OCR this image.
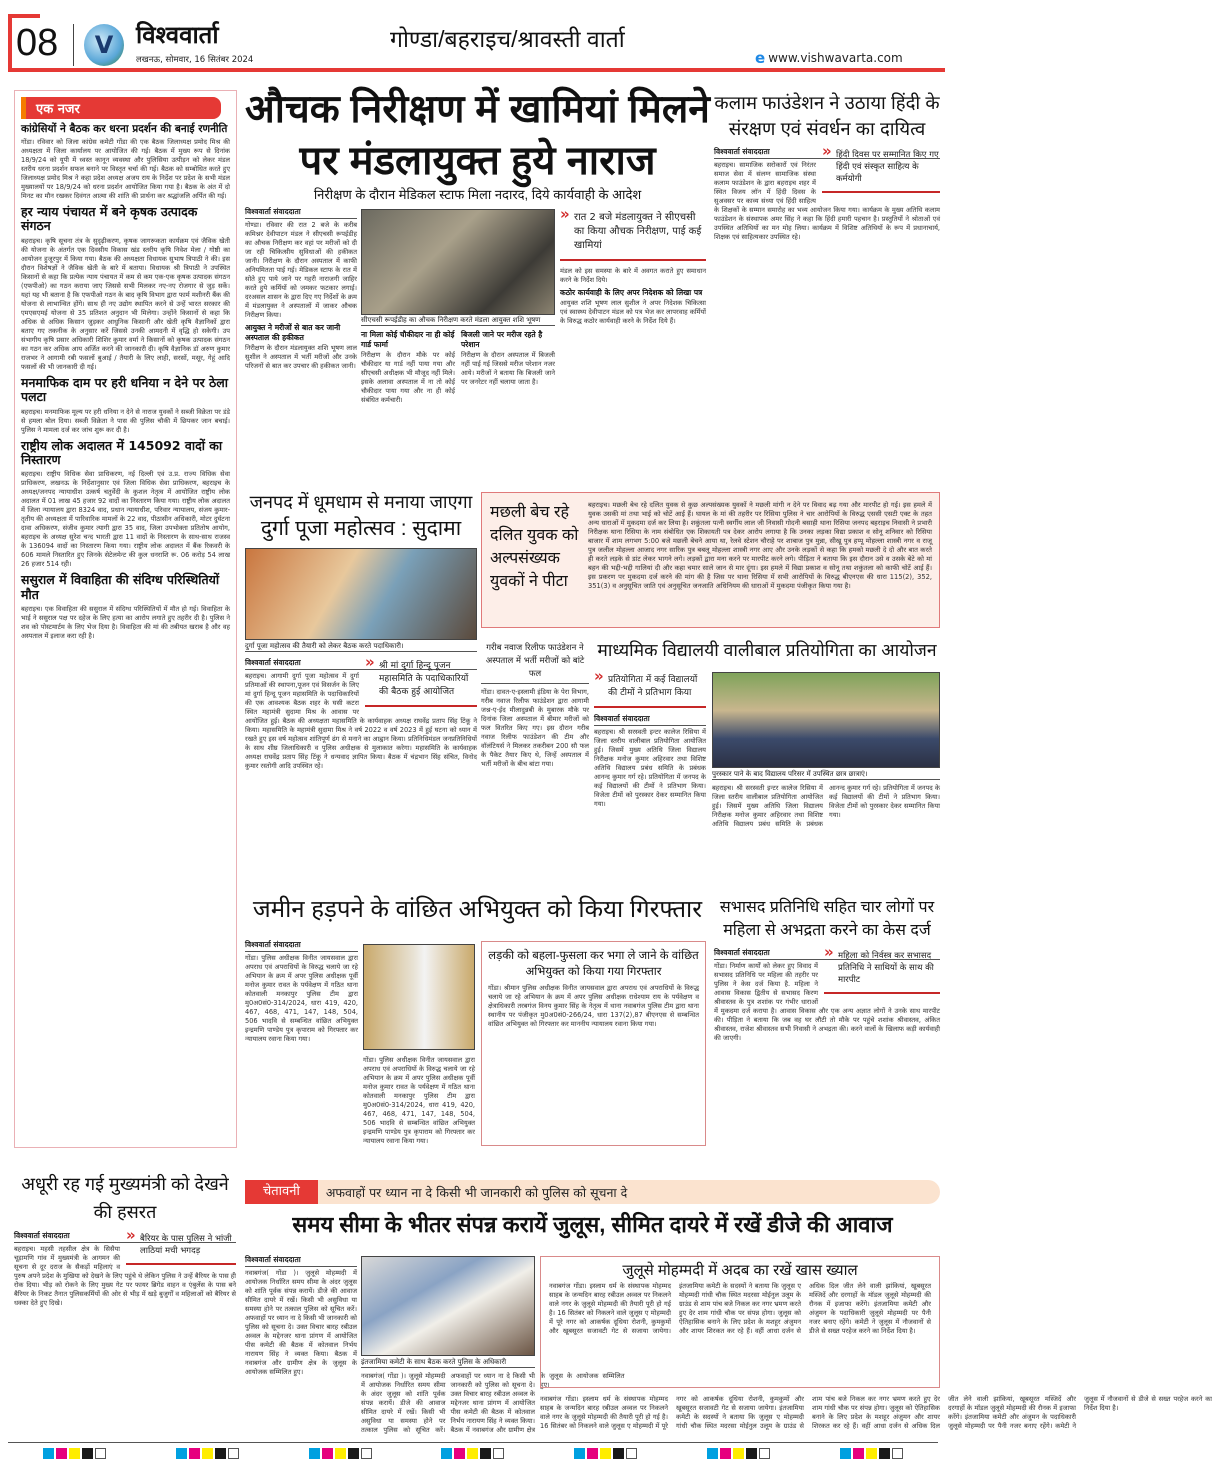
08	V विश्ववार्ता
लखनऊ, सोमवार, 16 सितंबर 2024
गोण्डा/बहराइच/श्रावस्ती वार्ता
e www.vishwavarta.com
एक नजर
कांग्रेसियों ने बैठक कर धरना प्रदर्शन की बनाई रणनीति
गोंडा। रविवार को जिला कांग्रेस कमेटी गोंडा की एक बैठक जिलाध्यक्ष प्रमोद मिश्र की अध्यक्षता में जिला कार्यालय पर आयोजित की गई। बैठक में मुख्य रूप से दिनांक 18/9/24 को यूपी में ध्वस्त कानून व्यवस्था और पुलिसिया उत्पीड़न को लेकर मंडल स्तरीय धरना प्रदर्शन सफल बनाने पर विस्तृत चर्चा की गई। बैठक को सम्बोधित करते हुए जिलाध्यक्ष प्रमोद मिश्र ने कहा प्रदेश अध्यक्ष अजय राय के निर्देश पर प्रदेश के सभी मंडल मुख्यालयों पर 18/9/24 को धरना प्रदर्शन आयोजित किया गया है। बैठक के अंत में दो मिनट का मौन रखकर दिवंगत आत्मा की शांति की प्रार्थना कर श्रद्धांजलि अर्पित की गई।
हर न्याय पंचायत में बने कृषक उत्पादक संगठन
बहराइच। कृषि सूचना तंत्र के सुदृढ़ीकरण, कृषक जागरूकता कार्यक्रम एवं जैविक खेती की योजना के अंतर्गत एक दिवसीय विकास खंड स्तरीय कृषि निवेश मेला / गोष्ठी का आयोजन हुजूरपुर में किया गया। बैठक की अध्यक्षता विधायक सुभाष त्रिपाठी ने की। इस दौरान विशेषज्ञों ने जैविक खेती के बारे में बताया। विधायक श्री त्रिपाठी ने उपस्थित किसानों से कहा कि प्रत्येक न्याय पंचायत में कम से कम एक-एक कृषक उत्पादक संगठन (एफपीओ) का गठन कराया जाए जिससे सभी मिलकर नए-नए रोजगार से जुड़ सकें। यहां यह भी बताना है कि एफपीओ गठन के बाद कृषि विभाग द्वारा फार्म मशीनरी बैंक की योजना से लाभान्वित होंगे। साथ ही नए उद्योग स्थापित करने से उन्हें भारत सरकार की एमएसएमई योजना से 35 प्रतिशत अनुदान भी मिलेगा। उन्होंने किसानों से कहा कि अधिक से अधिक किसान जुड़कर आधुनिक किसानी और खेती कृषि वैज्ञानिकों द्वारा बताए गए तकनीक के अनुसार करें जिससे उनकी आमदनी में वृद्धि हो सकेगी। उप संभागीय कृषि प्रसार अधिकारी शिशिर कुमार वर्मा ने किसानों को कृषक उत्पादक संगठन का गठन कर अधिक आय अर्जित करने की जानकारी दी। कृषि वैज्ञानिक डॉ अरुण कुमार राजभर ने आगामी रबी फसलों बुआई / तैयारी के लिए लाही, सरसों, मसूर, गेहूं आदि फसलों की भी जानकारी दी गई।
मनमाफिक दाम पर हरी धनिया न देने पर ठेला पलटा
बहराइच। मनमाफिक मूल्य पर हरी धनिया न देने से नाराज युवकों ने सब्जी विक्रेता पर डंडे से हमला बोल दिया। सब्जी विक्रेता ने पास की पुलिस चौकी में छिपकर जान बचाई। पुलिस ने मामला दर्ज कर जांच शुरू कर दी है।
राष्ट्रीय लोक अदालत में 145092 वादों का निस्तारण
बहराइच। राष्ट्रीय विधिक सेवा प्राधिकरण, नई दिल्ली एवं उ.प्र. राज्य विधिक सेवा प्राधिकरण, लखनऊ के निर्देशानुसार एवं जिला विधिक सेवा प्राधिकरण, बहराइच के अध्यक्ष/जनपद न्यायाधीश उत्कर्ष चतुर्वेदी के कुशल नेतृत्व में आयोजित राष्ट्रीय लोक अदालत में 01 लाख 45 हजार 92 वादों का निस्तारण किया गया। राष्ट्रीय लोक अदालत में जिला न्यायालय द्वारा 8324 वाद, प्रधान न्यायाधीश, परिवार न्यायालय, संजय कुमार-तृतीय की अध्यक्षता में पारिवारिक मामलों के 22 वाद, पीठासीन अधिकारी, मोटर दुर्घटना दावा अधिकरण, संजीव कुमार त्यागी द्वारा 35 वाद, जिला उपभोक्ता प्रतितोष आयोग, बहराइच के अध्यक्ष सुरेश चन्द भारती द्वारा 11 वादों के निस्तारण के साथ-साथ राजस्व के 136094 वादों का निस्तारण किया गया। राष्ट्रीय लोक अदालत में बैंक रिकवरी के 606 मामले निस्तारित हुए जिनके सेटेलमेन्ट की कुल धनराशि रू. 06 करोड़ 54 लाख 26 हजार 514 रही।
ससुराल में विवाहिता की संदिग्ध परिस्थितियों मौत
बहराइच। एक विवाहिता की ससुराल में संदिग्ध परिस्थितियों में मौत हो गई। विवाहिता के भाई ने ससुराल पक्ष पर दहेज के लिए हत्या का आरोप लगाते हुए तहरीर दी है। पुलिस ने शव को पोस्टमार्टम के लिए भेज दिया है। विवाहिता की मां की तबीयत खराब है और वह अस्पताल में इलाज करा रही है।
औचक निरीक्षण में खामियां मिलने
पर मंडलायुक्त हुये नाराज
निरीक्षण के दौरान मेडिकल स्टाफ मिला नदारद, दिये कार्यवाही के आदेश
विश्ववार्ता संवाददाता
गोण्डा। रविवार की रात 2 बजे के करीब कमिश्नर देवीपाटन मंडल ने सीएचसी रूपईडीह का औचक निरीक्षण कर वहां पर मरीजों को दी जा रही चिकित्सीय सुविधाओं की हकीकत जानी। निरीक्षण के दौरान अस्पताल में काफी अनियमितता पाई गई। मेडिकल स्टाफ के रात में सोते हुए पाये जाने पर गहरी नाराजगी जाहिर करते हुये कर्मियों को जमकर फटकार लगाई। दरअसल शासन के द्वारा दिए गए निर्देशों के क्रम में मंडलायुक्त ने अस्पतालों में जाकर औचक निरीक्षण किया।
आयुक्त ने मरीजों से बात कर जानी अस्पताल की हकीकत
निरीक्षण के दौरान मंडलायुक्त शशि भूषण लाल सुशील ने अस्पताल में भर्ती मरीजों और उनके परिजनों से बात कर उपचार की हकीकत जानी।
सीएचसी रूपईडीह का औचक निरीक्षण करते मंडला आयुक्त शशि भूषण
ना मिला कोई चौकीदार ना ही कोई गार्ड फार्मा
निरीक्षण के दौरान मौके पर कोई चौकीदार या गार्ड नहीं पाया गया और सीएचसी अधीक्षक भी मौजूद नहीं मिले। इसके अलावा अस्पताल में ना तो कोई चौकीदार पाया गया और ना ही कोई संबंधित कर्मचारी।
बिजली जाने पर मरीज रहते है परेशान
निरीक्षण के दौरान अस्पताल में बिजली नहीं पाई गई जिससे मरीज परेशान नजर आये। मरीजों ने बताया कि बिजली जाने पर जनरेटर नहीं चलाया जाता है।
» रात 2 बजे मंडलायुक्त ने सीएचसी का किया औचक निरीक्षण, पाई कई खामियां
मंडल को इस समस्या के बारे में अवगत कराते हुए समाधान करने के निर्देश दिये।
कठोर कार्यवाही के लिए अपर निदेशक को लिखा पत्र
आयुक्त शशि भूषण लाल सुशील ने अपर निदेशक चिकित्सा एवं स्वास्थ्य देवीपाटन मंडल को पत्र भेज कर लापरवाह कर्मियों के विरुद्ध कठोर कार्यवाही करने के निर्देश दिये हैं।
कलाम फाउंडेशन ने उठाया हिंदी के संरक्षण एवं संवर्धन का दायित्व
» हिंदी दिवस पर सम्मानित किए गए हिंदी एवं संस्कृत साहित्य के कर्मयोगी
विश्ववार्ता संवाददाता
बहराइच। सामाजिक सरोकारों एवं निरंतर समाज सेवा में संलग्न सामाजिक संस्था कलाम फाउंडेशन के द्वारा बहराइच शहर में स्थित विजय लॉन में हिंदी दिवस के सुअवसर पर काव्य संध्या एवं हिंदी साहित्य के शिक्षकों के सम्मान समारोह का भव्य आयोजन किया गया। कार्यक्रम के मुख्य अतिथि कलाम फाउंडेशन के संस्थापक अमर सिंह ने कहा कि हिंदी हमारी पहचान है। प्रस्तुतियों ने श्रोताओं एवं उपस्थित अतिथियों का मन मोह लिया। कार्यक्रम में विशिष्ट अतिथियों के रूप में प्रधानाचार्य, शिक्षक एवं साहित्यकार उपस्थित रहे।
जनपद में धूमधाम से मनाया जाएगा
दुर्गा पूजा महोत्सव : सुदामा
दुर्गा पूजा महोत्सव की तैयारी को लेकर बैठक करते पदाधिकारी।
» श्री मां दुर्गा हिन्दू पूजन महासमिति के पदाधिकारियों की बैठक हुई आयोजित
विश्ववार्ता संवाददाता
बहराइच। आगामी दुर्गा पूजा महोत्सव में दुर्गा प्रतिमाओं की स्थापना,पूजन एवं विसर्जन के लिए मां दुर्गा हिन्दू पूजन महासमिति के पदाधिकारियों की एक आवश्यक बैठक शहर के घसी कटरा स्थित महामंत्री सुदामा मिश्र के आवास पर आयोजित हुई। बैठक की अध्यक्षता महासमिति के कार्यवाहक अध्यक्ष राघवेंद्र प्रताप सिंह टिंकू ने किया। महासमिति के महामंत्री सुदामा मिश्र ने वर्ष 2022 व वर्ष 2023 में हुई घटना को ध्यान में रखते हुए इस वर्ष महोत्सव शांतिपूर्ण ढंग से मनाने का आह्वान किया। प्रतिनिधिमंडल जनप्रतिनिधियों के साथ शीघ्र जिलाधिकारी व पुलिस अधीक्षक से मुलाकात करेगा। महासमिति के कार्यवाहक अध्यक्ष राघवेंद्र प्रताप सिंह टिंकू ने धन्यवाद ज्ञापित किया। बैठक में चंद्रभान सिंह संचित, विनोद कुमार रस्तोगी आदि उपस्थित रहे।
मछली बेच रहे दलित युवक को अल्पसंख्यक युवकों ने पीटा
बहराइच। मछली बेच रहे दलित युवक से कुछ अल्पसंख्यक युवकों ने मछली मांगी न देने पर विवाद बढ़ गया और मारपीट हो गई। इस हमले में युवक उसकी मां तथा भाई को चोटें आई हैं। घायल के मां की तहरीर पर रिसिया पुलिस ने चार आरोपियों के विरुद्ध एससी एसटी एक्ट के तहत अन्य धाराओं में मुकदमा दर्ज कर लिया है। शकुंतला पत्नी स्वर्गीय लाल जी निवासी गोदनी बसाही थाना रिसिया जनपद बहराइच निवासी ने प्रभारी निरीक्षक थाना रिसिया के नाम संबोधित एक शिकायती पत्र देकर आरोप लगाया है कि उनका लड़का विद्या प्रकाश व सोनू शनिवार को रिसिया बाजार में शाम लगभग 5:00 बजे मछली बेचने आया था, रेलवे स्टेशन चौराहे पर शाबाज पुत्र मुन्ना, सीखू पुत्र हप्पू मोहल्ला शास्त्री नगर व राजू पुत्र जलील मोहल्ला आजाद नगर सारिक पुत्र बबलू मोहल्ला शास्त्री नगर आए और उनके लड़कों से कहा कि हमको मछली दे दो और बात करते ही करते लड़के से डांट लेकर भागने लगे। लड़कों द्वारा मना करने पर मारपीट करने लगे। पीड़िता ने बताया कि इस दौरान उसे व उसके बेटे को मां बहन की भद्दी-भद्दी गालियां दी और कहा चमार साले जान से मार दूंगा। इस हमले में विद्या प्रकाश व सोनू तथा शकुंतला को काफी चोटें आई हैं। इस प्रकरण पर मुकदमा दर्ज करने की मांग की है जिस पर थाना रिसिया में सभी आरोपियों के विरुद्ध बीएनएस की धारा 115(2), 352, 351(3) व अनुसूचित जाति एवं अनुसूचित जनजाति अधिनियम की धाराओं में मुकदमा पंजीकृत किया गया है।
गरीब नवाज रिलीफ फाउंडेशन ने अस्पताल में भर्ती मरीजों को बांटे फल
गोंडा। दावत-ए-इस्लामी इंडिया के पेरा विभाग, गरीब नवाज रिलीफ फाउंडेशन द्वारा आगामी जश्न-ए-ईद मीलादुन्नबी के मुबारक मौके पर दिनांक जिला अस्पताल में बीमार मरीजों को फल वितरित किए गए। इस दौरान गरीब नवाज रिलीफ फाउंडेशन की टीम और वॉलंटियर्स ने मिलकर तकरीबन 200 सौ फल के पैकेट तैयार किए थे, जिन्हें अस्पताल में भर्ती मरीजों के बीच बांटा गया।
माध्यमिक विद्यालयी वालीबाल प्रतियोगिता का आयोजन
» प्रतियोगिता में कई विद्यालयों की टीमों ने प्रतिभाग किया
विश्ववार्ता संवाददाता
बहराइच। श्री सरस्वती इन्टर कालेज रिसिया में जिला स्तरीय वालीबाल प्रतियोगिता आयोजित हुई। जिसमें मुख्य अतिथि जिला विद्यालय निरीक्षक मनोज कुमार अहिरवार तथा विशिष्ट अतिथि विद्यालय प्रबंध समिति के प्रबंधक आनन्द कुमार गर्ग रहे। प्रतियोगिता में जनपद के कई विद्यालयों की टीमों ने प्रतिभाग किया। विजेता टीमों को पुरस्कार देकर सम्मानित किया गया।
पुरस्कार पाने के बाद विद्यालय परिसर में उपस्थित छात्र छात्राएं।
बहराइच। श्री सरस्वती इन्टर कालेज रिसिया में जिला स्तरीय वालीबाल प्रतियोगिता आयोजित हुई। जिसमें मुख्य अतिथि जिला विद्यालय निरीक्षक मनोज कुमार अहिरवार तथा विशिष्ट अतिथि विद्यालय प्रबंध समिति के प्रबंधक आनन्द कुमार गर्ग रहे। प्रतियोगिता में जनपद के कई विद्यालयों की टीमों ने प्रतिभाग किया। विजेता टीमों को पुरस्कार देकर सम्मानित किया गया।
जमीन हड़पने के वांछित अभियुक्त को किया गिरफ्तार
विश्ववार्ता संवाददाता
गोंडा। पुलिस अधीक्षक विनीत जायसवाल द्वारा अपराध एवं अपराधियों के विरुद्ध चलाये जा रहे अभियान के क्रम में अपर पुलिस अधीक्षक पूर्वी मनोज कुमार रावत के पर्यवेक्षण में गठित थाना कोतवाली मनकापुर पुलिस टीम द्वारा मु0अ0सं0-314/2024, धारा 419, 420, 467, 468, 471, 147, 148, 504, 506 भादवि से सम्बन्धित वांछित अभियुक्त इन्द्रमणि पाण्डेय पुत्र कृपाराम को गिरफ्तार कर न्यायालय रवाना किया गया।
गोंडा। पुलिस अधीक्षक विनीत जायसवाल द्वारा अपराध एवं अपराधियों के विरुद्ध चलाये जा रहे अभियान के क्रम में अपर पुलिस अधीक्षक पूर्वी मनोज कुमार रावत के पर्यवेक्षण में गठित थाना कोतवाली मनकापुर पुलिस टीम द्वारा मु0अ0सं0-314/2024, धारा 419, 420, 467, 468, 471, 147, 148, 504, 506 भादवि से सम्बन्धित वांछित अभियुक्त इन्द्रमणि पाण्डेय पुत्र कृपाराम को गिरफ्तार कर न्यायालय रवाना किया गया।
लड़की को बहला-फुसला कर भगा ले जाने के वांछित अभियुक्त को किया गया गिरफ्तार
गोंडा। श्रीमान पुलिस अधीक्षक विनीत जायसवाल द्वारा अपराध एवं अपराधियों के विरुद्ध चलाये जा रहे अभियान के क्रम में अपर पुलिस अधीक्षक राधेश्याम राय के पर्यवेक्षण व क्षेत्राधिकारी तरबगंज विनय कुमार सिंह के नेतृत्व में थाना नवाबगंज पुलिस टीम द्वारा थाना स्थानीय पर पंजीकृत मु0अ0सं0-266/24, धारा 137(2),87 बीएनएस से सम्बन्धित वांछित अभियुक्त को गिरफ्तार कर माननीय न्यायालय रवाना किया गया।
सभासद प्रतिनिधि सहित चार लोगों पर महिला से अभद्रता करने का केस दर्ज
» महिला को निर्वस्त्र कर सभासद प्रतिनिधि ने साथियों के साथ की मारपीट
विश्ववार्ता संवाददाता
गोंडा। निर्माण कार्यों को लेकर हुए विवाद में सभासद प्रतिनिधि पर महिला की तहरीर पर पुलिस ने केस दर्ज किया है. महिला ने आवास विकास द्वितीय से सभासद किरण श्रीवास्तव के पुत्र शशांक पर गंभीर धाराओं में मुकदमा दर्ज कराया है। आवास विकास और एक अन्य अज्ञात लोगों ने उनके साथ मारपीट की। पीड़िता ने बताया कि जब वह घर लौटी तो मौके पर पहुंचे शशांक श्रीवास्तव, अंकित श्रीवास्तव, राजेश श्रीवास्तव सभी निवासी ने अभद्रता की। करने वालों के खिलाफ कड़ी कार्यवाही की जाएगी।
अधूरी रह गई मुख्यमंत्री को देखने की हसरत
» बैरियर के पास पुलिस ने भांजी लाठियां मची भगदड़
विश्ववार्ता संवाददाता
बहराइच। महसी तहसील क्षेत्र के सिसैया चूड़ामणि गांव में मुख्यमंत्री के आगमन की सूचना से दूर दराज के सैकड़ों महिलाएं व पुरुष अपने प्रदेश के मुखिया को देखने के लिए पहुंचे थे लेकिन पुलिस ने उन्हें बैरियर के पास ही रोक दिया। भीड़ को रोकने के लिए मुख्य गेट पर फायर ब्रिगेड वाहन व एंबुलेंस के पास बने बैरियर के निकट तैनात पुलिसकर्मियों की ओर से भीड़ में खड़े बुजुर्गों व महिलाओं को बैरियर से धक्का देते हुए दिखे।
चेतावनी	अफवाहों पर ध्यान ना दे किसी भी जानकारी को पुलिस को सूचना दे
समय सीमा के भीतर संपन्न करायें जुलूस, सीमित दायरे में रखें डीजे की आवाज
विश्ववार्ता संवाददाता
नवाबगंज( गोंडा )। जुलूसे मोहम्मदी में आयोजक निर्धारित समय सीमा के अंदर जुलूस को शांति पूर्वक संपन्न करायें। डीजे की आवाज सीमित दायरे में रखें। किसी भी असुविधा या समस्या होने पर तत्काल पुलिस को सूचित करें। अफवाहों पर ध्यान ना दे किसी भी जानकारी को पुलिस को सूचना दे। उक्त विचार बारह रबीउल अव्वल के मद्देनजर थाना प्रांगण में आयोजित पीस कमेटी की बैठक में कोतवाल निर्भय नारायण सिंह ने व्यक्त किया। बैठक में नवाबगंज और ग्रामीण क्षेत्र के जुलूस के आयोजक सम्मिलित हुए।
इंतजामिया कमेटी के साथ बैठक करते पुलिस के अधिकारी
नवाबगंज( गोंडा )। जुलूसे मोहम्मदी में आयोजक निर्धारित समय सीमा के अंदर जुलूस को शांति पूर्वक संपन्न करायें। डीजे की आवाज सीमित दायरे में रखें। किसी भी असुविधा या समस्या होने पर तत्काल पुलिस को सूचित करें। अफवाहों पर ध्यान ना दे किसी भी जानकारी को पुलिस को सूचना दे। उक्त विचार बारह रबीउल अव्वल के मद्देनजर थाना प्रांगण में आयोजित पीस कमेटी की बैठक में कोतवाल निर्भय नारायण सिंह ने व्यक्त किया। बैठक में नवाबगंज और ग्रामीण क्षेत्र के जुलूस के आयोजक सम्मिलित हुए।
जुलूसे मोहम्मदी में अदब का रखें खास ख्याल
नवाबगंज गोंडा। इस्लाम धर्म के संस्थापक मोहम्मद साहब के जन्मदिन बारह रबीउल अव्वल पर निकलने वाले नगर के जुलूसे मोहम्मदी की तैयारी पूरी हो गई है। 16 सितंबर को निकलने वाले जुलूस ए मोहम्मदी में पूरे नगर को आकर्षक दूधिया रोशनी, कुमकुमों और खूबसूरत सजावटी गेट से सजाया जायेगा। इंतजामिया कमेटी के सदस्यों ने बताया कि जुलूस ए मोहम्मदी गांधी चौक स्थित मदरसा मोईनुल उलूम के ग्राउंड से शाम पांच बजे निकल कर नगर भ्रमण करते हुए देर शाम गांधी चौक पर संपन्न होगा। जुलूस को ऐतिहासिक बनाने के लिए प्रदेश के मशहूर अंजुमन और शायर शिरकत कर रहे हैं। वहीं आधा दर्जन से अधिक दिल जीत लेने वाली झांकियां, खूबसूरत मस्जिदें और दरगाहों के मॉडल जुलूसे मोहम्मदी की रौनक में इजाफा करेंगे। इंतजामिया कमेटी और अंजुमन के पदाधिकारी जुलूसे मोहम्मदी पर पैनी नजर बनाए रहेंगे। कमेटी ने जुलूस में नौजवानों से डीजे से सख्त परहेज करने का निर्देश दिया है।
नवाबगंज गोंडा। इस्लाम धर्म के संस्थापक मोहम्मद साहब के जन्मदिन बारह रबीउल अव्वल पर निकलने वाले नगर के जुलूसे मोहम्मदी की तैयारी पूरी हो गई है। 16 सितंबर को निकलने वाले जुलूस ए मोहम्मदी में पूरे नगर को आकर्षक दूधिया रोशनी, कुमकुमों और खूबसूरत सजावटी गेट से सजाया जायेगा। इंतजामिया कमेटी के सदस्यों ने बताया कि जुलूस ए मोहम्मदी गांधी चौक स्थित मदरसा मोईनुल उलूम के ग्राउंड से शाम पांच बजे निकल कर नगर भ्रमण करते हुए देर शाम गांधी चौक पर संपन्न होगा। जुलूस को ऐतिहासिक बनाने के लिए प्रदेश के मशहूर अंजुमन और शायर शिरकत कर रहे हैं। वहीं आधा दर्जन से अधिक दिल जीत लेने वाली झांकियां, खूबसूरत मस्जिदें और दरगाहों के मॉडल जुलूसे मोहम्मदी की रौनक में इजाफा करेंगे। इंतजामिया कमेटी और अंजुमन के पदाधिकारी जुलूसे मोहम्मदी पर पैनी नजर बनाए रहेंगे। कमेटी ने जुलूस में नौजवानों से डीजे से सख्त परहेज करने का निर्देश दिया है।
